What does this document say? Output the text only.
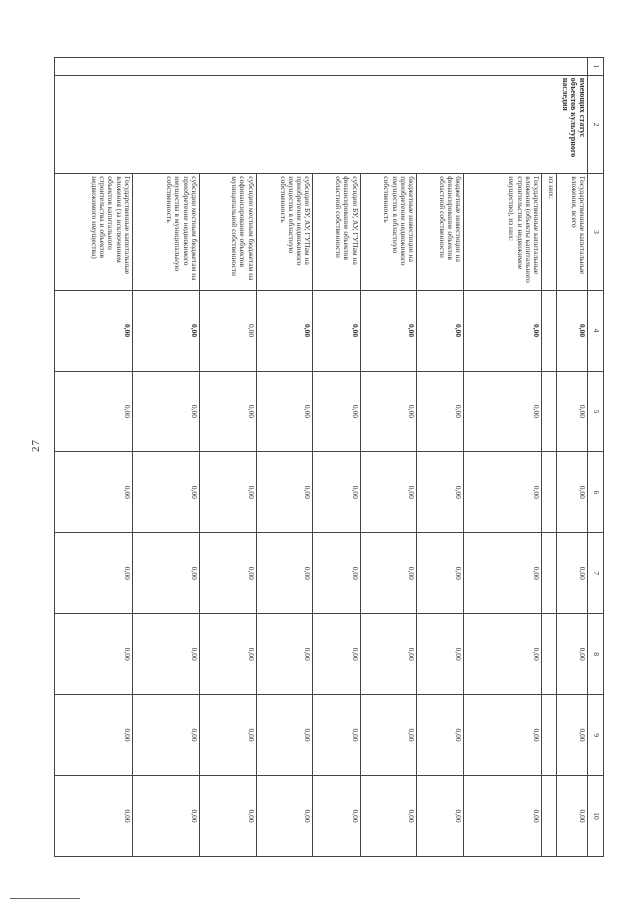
27
1	2	3	4	5	6	7	8	9	10
	имеющих статус объектов культурного наследия	Государственные капитальные вложения, всего	0,00	0,00	0,00	0,00	0,00	0,00	0,00
		из них:							
		Государственные капитальные вложения (объекты капитального строительства и недвижимое имущество), из них:	0,00	0,00	0,00	0,00	0,00	0,00	0,00
		бюджетные инвестиции на финансирование объектов областной собственности	0,00	0,00	0,00	0,00	0,00	0,00	0,00
		бюджетные инвестиции на приобретение недвижимого имущества в областную собственность	0,00	0,00	0,00	0,00	0,00	0,00	0,00
		субсидии БУ, АУ, ГУПам на финансирование объектов областной собственности	0,00	0,00	0,00	0,00	0,00	0,00	0,00
		субсидии БУ, АУ, ГУПам на приобретение недвижимого имущества в областную собственность	0,00	0,00	0,00	0,00	0,00	0,00	0,00
		субсидии местным бюджетам на софинансирование объектов муниципальной собственности	0,00	0,00	0,00	0,00	0,00	0,00	0,00
		субсидии местным бюджетам на приобретение недвижимого имущества в муниципальную собственность	0,00	0,00	0,00	0,00	0,00	0,00	0,00
		Государственные капитальные вложения (за исключением объектов капитального строительства и объектов недвижимого имущества)	0,00	0,00	0,00	0,00	0,00	0,00	0,00
